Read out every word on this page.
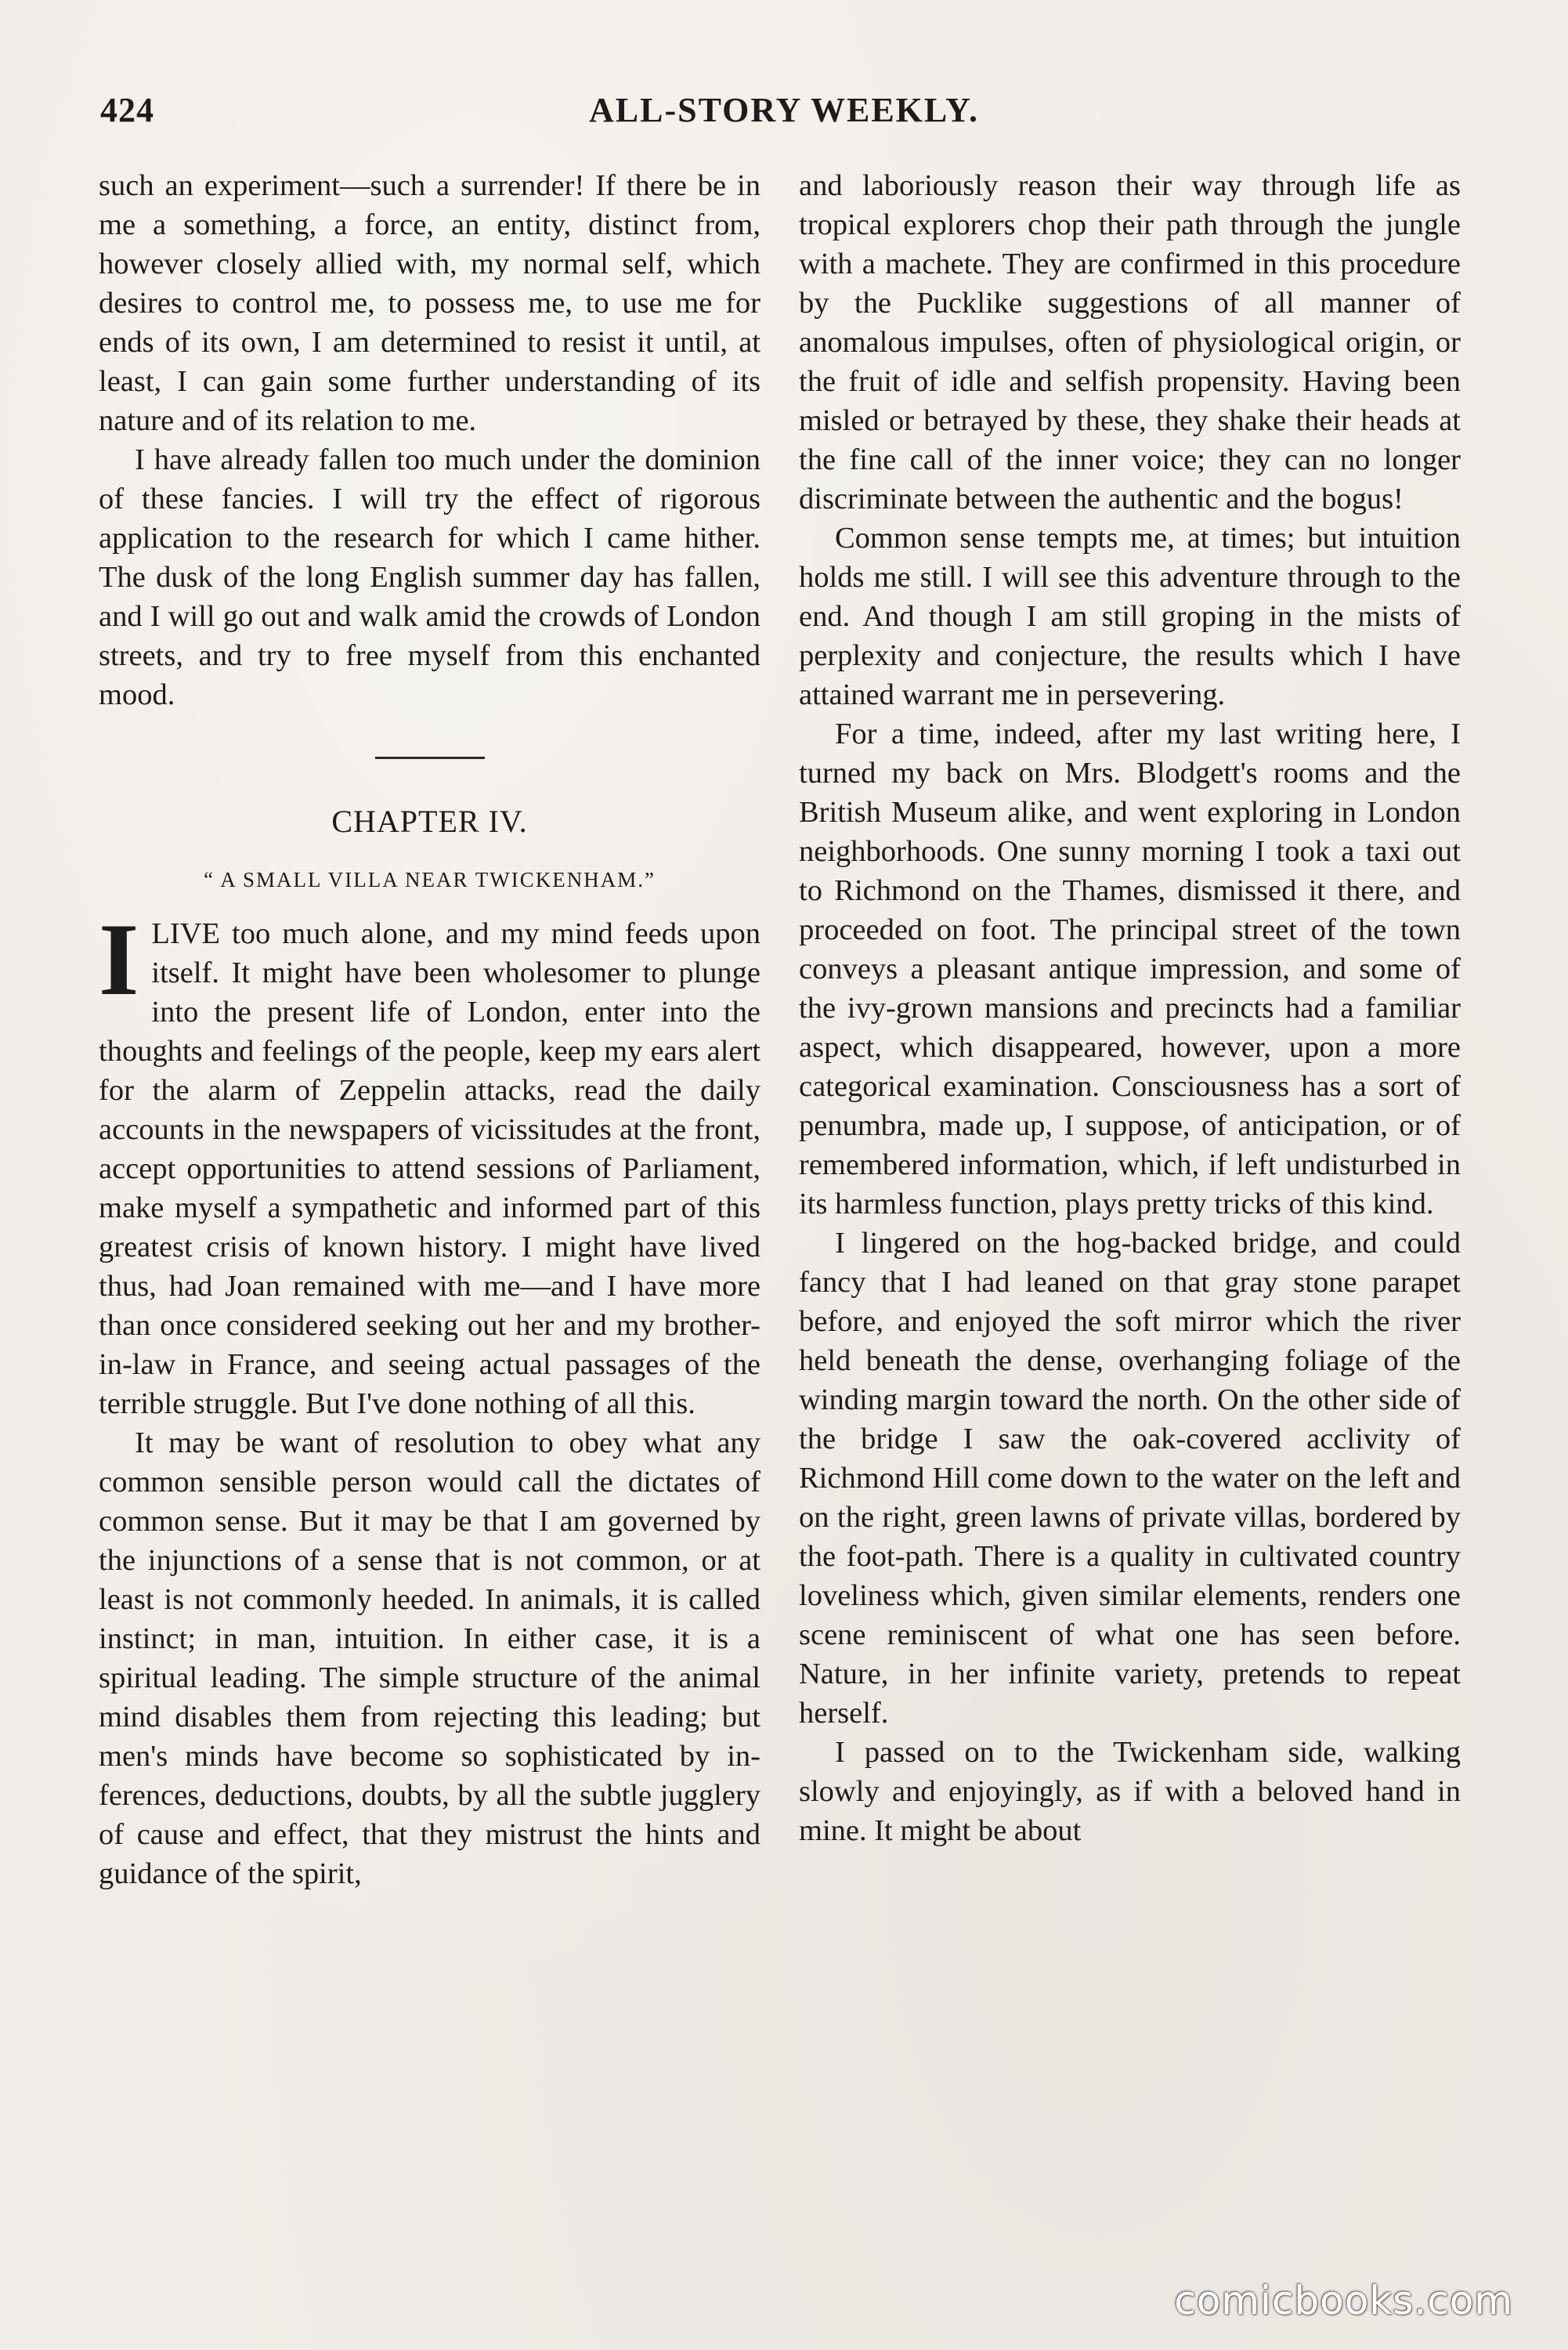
424	ALL-STORY WEEKLY.

such an experiment—such a surrender! If there be in me a something, a force, an entity, distinct from, however closely allied with, my normal self, which desires to control me, to possess me, to use me for ends of its own, I am determined to resist it until, at least, I can gain some further understanding of its nature and of its relation to me.

I have already fallen too much under the dominion of these fancies. I will try the effect of rigorous application to the research for which I came hither. The dusk of the long English summer day has fallen, and I will go out and walk amid the crowds of London streets, and try to free myself from this enchanted mood.

CHAPTER IV.
“ A SMALL VILLA NEAR TWICKENHAM.”

ILIVE too much alone, and my mind feeds upon itself. It might have been wholesomer to plunge into the present life of London, enter into the thoughts and feelings of the people, keep my ears alert for the alarm of Zeppelin attacks, read the daily accounts in the newspapers of vicissitudes at the front, accept opportunities to attend sessions of Parliament, make myself a sympathetic and informed part of this greatest crisis of known history. I might have lived thus, had Joan remained with me—and I have more than once considered seeking out her and my brother-in-law in France, and seeing actual passages of the terrible struggle. But I've done nothing of all this.

It may be want of resolution to obey what any common sensible person would call the dictates of common sense. But it may be that I am governed by the injunctions of a sense that is not common, or at least is not commonly heeded. In animals, it is called instinct; in man, intuition. In either case, it is a spiritual leading. The simple structure of the animal mind disables them from rejecting this leading; but men's minds have become so sophisticated by inferences, deductions, doubts, by all the subtle jugglery of cause and effect, that they mistrust the hints and guidance of the spirit,

and laboriously reason their way through life as tropical explorers chop their path through the jungle with a machete. They are confirmed in this procedure by the Pucklike suggestions of all manner of anomalous impulses, often of physiological origin, or the fruit of idle and selfish propensity. Having been misled or betrayed by these, they shake their heads at the fine call of the inner voice; they can no longer discriminate between the authentic and the bogus!

Common sense tempts me, at times; but intuition holds me still. I will see this adventure through to the end. And though I am still groping in the mists of perplexity and conjecture, the results which I have attained warrant me in persevering.

For a time, indeed, after my last writing here, I turned my back on Mrs. Blodgett's rooms and the British Museum alike, and went exploring in London neighborhoods. One sunny morning I took a taxi out to Richmond on the Thames, dismissed it there, and proceeded on foot. The principal street of the town conveys a pleasant antique impression, and some of the ivy-grown mansions and precincts had a familiar aspect, which disappeared, however, upon a more categorical examination. Consciousness has a sort of penumbra, made up, I suppose, of anticipation, or of remembered information, which, if left undisturbed in its harmless function, plays pretty tricks of this kind.

I lingered on the hog-backed bridge, and could fancy that I had leaned on that gray stone parapet before, and enjoyed the soft mirror which the river held beneath the dense, overhanging foliage of the winding margin toward the north. On the other side of the bridge I saw the oak-covered acclivity of Richmond Hill come down to the water on the left and on the right, green lawns of private villas, bordered by the foot-path. There is a quality in cultivated country loveliness which, given similar elements, renders one scene reminiscent of what one has seen before. Nature, in her infinite variety, pretends to repeat herself.

I passed on to the Twickenham side, walking slowly and enjoyingly, as if with a beloved hand in mine. It might be about

comicbooks.com
